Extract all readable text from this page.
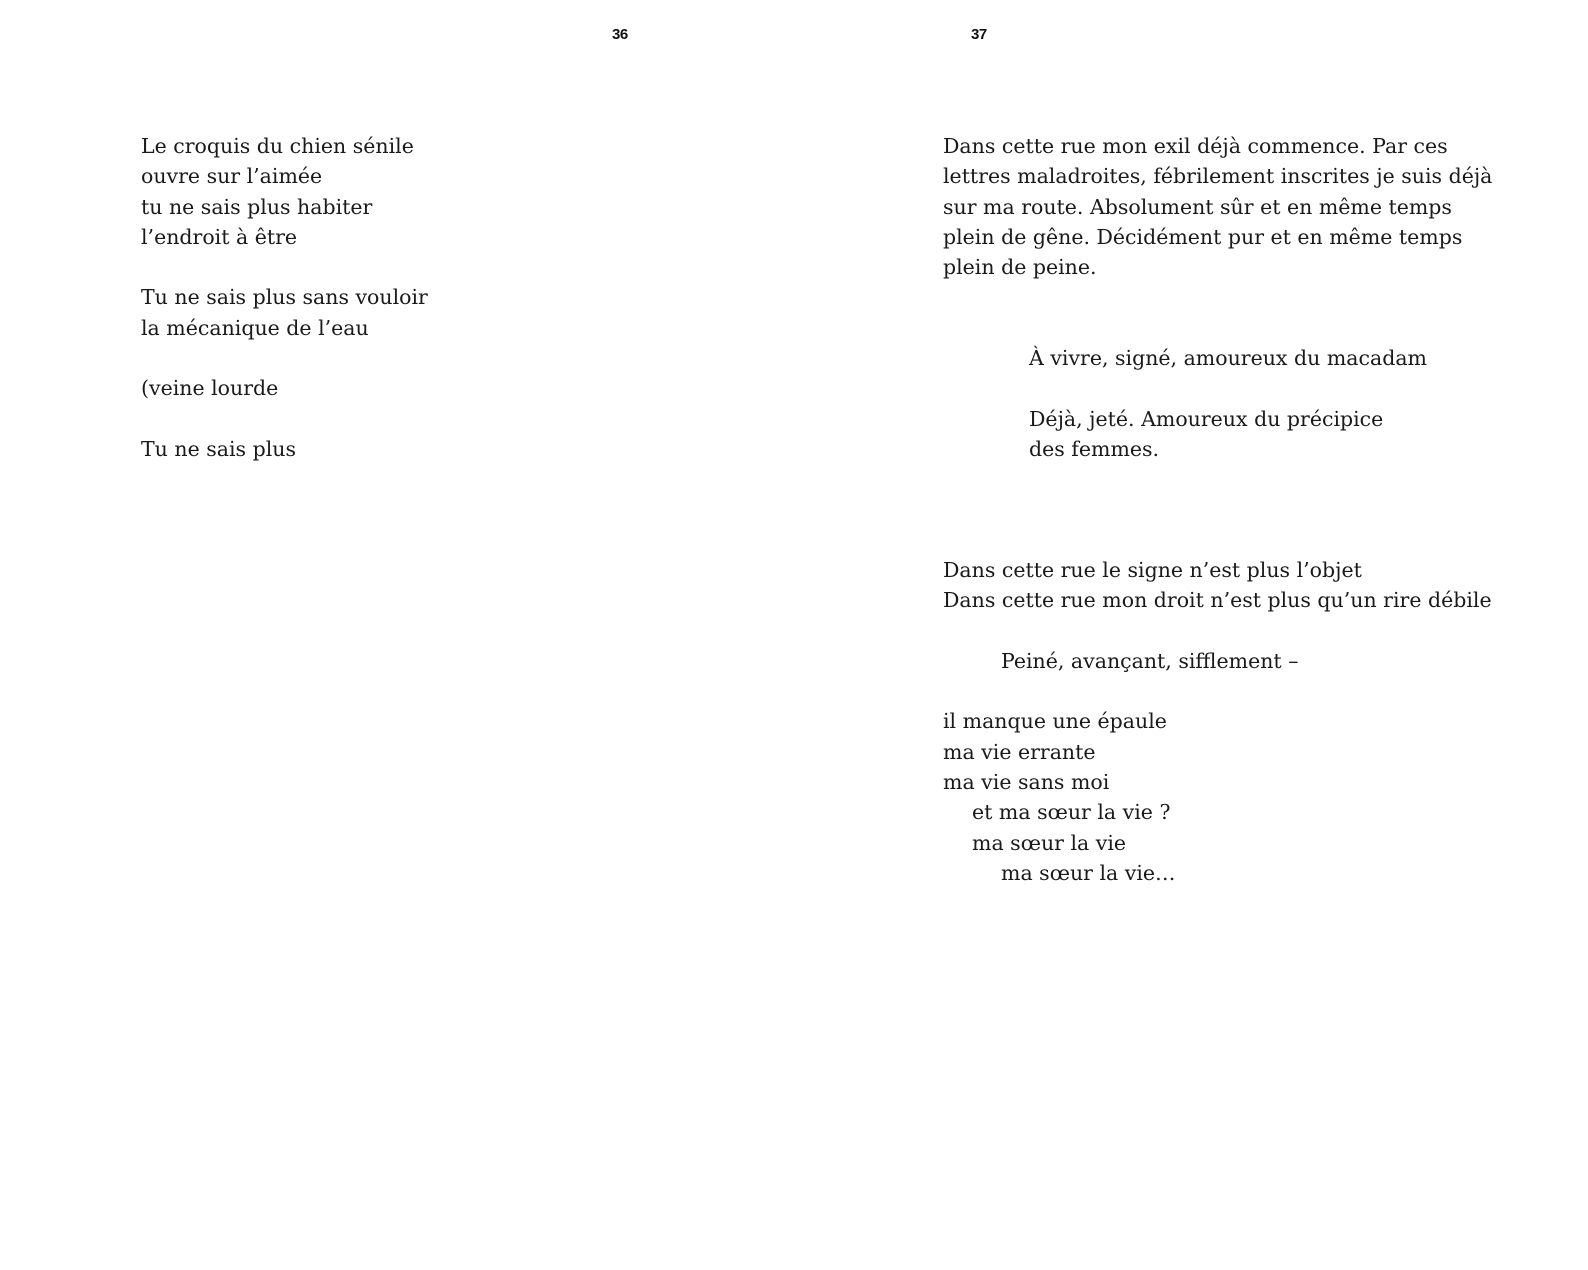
36	37
Le croquis du chien sénile
ouvre sur l’aimée
tu ne sais plus habiter
l’endroit à être
Tu ne sais plus sans vouloir
la mécanique de l’eau
(veine lourde
Tu ne sais plus
Dans cette rue mon exil déjà commence. Par ces
lettres maladroites, fébrilement inscrites je suis déjà
sur ma route. Absolument sûr et en même temps
plein de gêne. Décidément pur et en même temps
plein de peine.
À vivre, signé, amoureux du macadam
Déjà, jeté. Amoureux du précipice
des femmes.
Dans cette rue le signe n’est plus l’objet
Dans cette rue mon droit n’est plus qu’un rire débile
Peiné, avançant, sifflement –
il manque une épaule
ma vie errante
ma vie sans moi
et ma sœur la vie ?
ma sœur la vie
ma sœur la vie…
